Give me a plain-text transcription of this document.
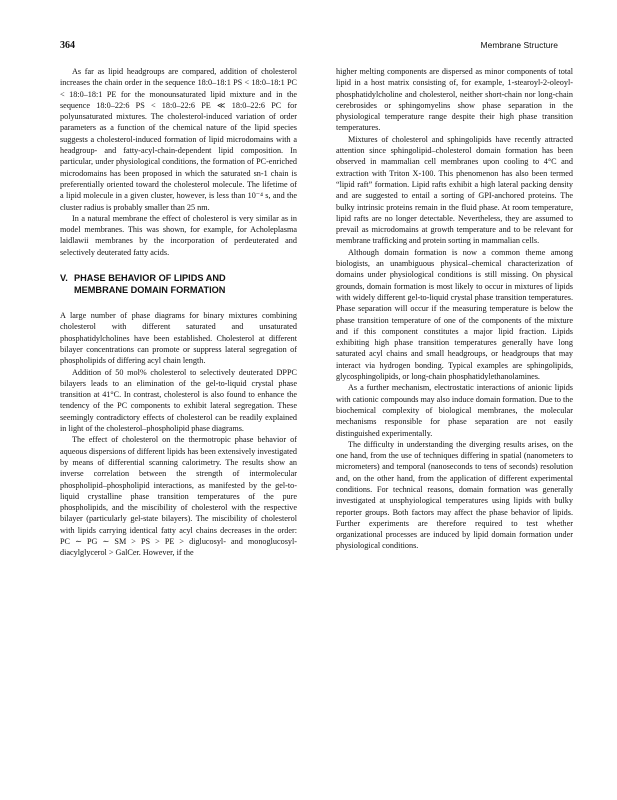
364	Membrane Structure

As far as lipid headgroups are compared, addition of cholesterol increases the chain order in the sequence 18:0–18:1 PS < 18:0–18:1 PC < 18:0–18:1 PE for the monounsaturated lipid mixture and in the sequence 18:0–22:6 PS < 18:0–22:6 PE ≪ 18:0–22:6 PC for polyunsaturated mixtures. The cholesterol-induced variation of order parameters as a function of the chemical nature of the lipid species suggests a cholesterol-induced formation of lipid microdomains with a headgroup- and fatty-acyl-chain-dependent lipid composition. In particular, under physiological conditions, the formation of PC-enriched microdomains has been proposed in which the saturated sn-1 chain is preferentially oriented toward the cholesterol molecule. The lifetime of a lipid molecule in a given cluster, however, is less than 10⁻⁴ s, and the cluster radius is probably smaller than 25 nm.

In a natural membrane the effect of cholesterol is very similar as in model membranes. This was shown, for example, for Acholeplasma laidlawii membranes by the incorporation of perdeuterated and selectively deuterated fatty acids.

V. PHASE BEHAVIOR OF LIPIDS AND
MEMBRANE DOMAIN FORMATION

A large number of phase diagrams for binary mixtures combining cholesterol with different saturated and unsaturated phosphatidylcholines have been established. Cholesterol at different bilayer concentrations can promote or suppress lateral segregation of phospholipids of differing acyl chain length.

Addition of 50 mol% cholesterol to selectively deuterated DPPC bilayers leads to an elimination of the gel-to-liquid crystal phase transition at 41°C. In contrast, cholesterol is also found to enhance the tendency of the PC components to exhibit lateral segregation. These seemingly contradictory effects of cholesterol can be readily explained in light of the cholesterol–phospholipid phase diagrams.

The effect of cholesterol on the thermotropic phase behavior of aqueous dispersions of different lipids has been extensively investigated by means of differential scanning calorimetry. The results show an inverse correlation between the strength of intermolecular phospholipid–phospholipid interactions, as manifested by the gel-to-liquid crystalline phase transition temperatures of the pure phospholipids, and the miscibility of cholesterol with the respective bilayer (particularly gel-state bilayers). The miscibility of cholesterol with lipids carrying identical fatty acyl chains decreases in the order: PC ∼ PG ∼ SM > PS > PE > diglucosyl- and monoglucosyl-diacylglycerol > GalCer. However, if the

higher melting components are dispersed as minor components of total lipid in a host matrix consisting of, for example, 1-stearoyl-2-oleoyl-phosphatidylcholine and cholesterol, neither short-chain nor long-chain cerebrosides or sphingomyelins show phase separation in the physiological temperature range despite their high phase transition temperatures.

Mixtures of cholesterol and sphingolipids have recently attracted attention since sphingolipid–cholesterol domain formation has been observed in mammalian cell membranes upon cooling to 4°C and extraction with Triton X-100. This phenomenon has also been termed “lipid raft” formation. Lipid rafts exhibit a high lateral packing density and are suggested to entail a sorting of GPI-anchored proteins. The bulky intrinsic proteins remain in the fluid phase. At room temperature, lipid rafts are no longer detectable. Nevertheless, they are assumed to prevail as microdomains at growth temperature and to be relevant for membrane trafficking and protein sorting in mammalian cells.

Although domain formation is now a common theme among biologists, an unambiguous physical–chemical characterization of domains under physiological conditions is still missing. On physical grounds, domain formation is most likely to occur in mixtures of lipids with widely different gel-to-liquid crystal phase transition temperatures. Phase separation will occur if the measuring temperature is below the phase transition temperature of one of the components of the mixture and if this component constitutes a major lipid fraction. Lipids exhibiting high phase transition temperatures generally have long saturated acyl chains and small headgroups, or headgroups that may interact via hydrogen bonding. Typical examples are sphingolipids, glycosphingolipids, or long-chain phosphatidylethanolamines.

As a further mechanism, electrostatic interactions of anionic lipids with cationic compounds may also induce domain formation. Due to the biochemical complexity of biological membranes, the molecular mechanisms responsible for phase separation are not easily distinguished experimentally.

The difficulty in understanding the diverging results arises, on the one hand, from the use of techniques differing in spatial (nanometers to micrometers) and temporal (nanoseconds to tens of seconds) resolution and, on the other hand, from the application of different experimental conditions. For technical reasons, domain formation was generally investigated at unsphyiological temperatures using lipids with bulky reporter groups. Both factors may affect the phase behavior of lipids. Further experiments are therefore required to test whether organizational processes are induced by lipid domain formation under physiological conditions.
